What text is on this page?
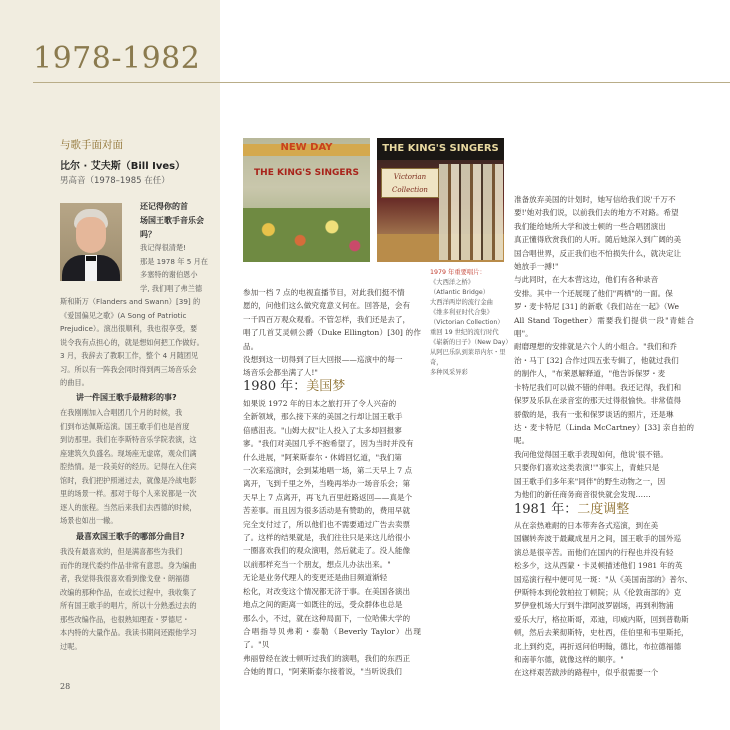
1978-1982
与歌手面对面
比尔 · 艾夫斯（Bill Ives）
男高音（1978–1985 在任）
还记得你的首
场国王歌手音乐会
吗？
我记得很清楚!
那是 1978 年 5 月在
多塞特的谢伯恩小
学, 我们唱了弗兰德
斯和斯万（Flanders and Swann）[39] 的
《爱国偏见之歌》(A Song of Patriotic
Prejudice）。演出很顺利，我也很享受，要
说令我有点担心的，就是想如何把工作做好。
3 月，我辞去了教职工作，整个 4 月随团见
习。所以有一阵我会同时得到两三场音乐会
的曲目。
讲一件国王歌手最精彩的事?
在我刚刚加入合唱团几个月的时候，我
们到布达佩斯巡演。国王歌手们也是首度
到访那里。我们在李斯特音乐学院表演，这
座建筑久负盛名。现场座无虚席，观众们满
腔热情。是一段美好的经历。记得在入住宾
馆时，我们把护照递过去，就像是冷战电影
里的场景一样。那对于每个人来说都是一次
逐人的旅程。当然后来我们去西德的时候，
场景也如出一辙。
最喜欢国王歌手的哪部分曲目?
我没有最喜欢的，但是满喜都些为我们
而作的现代委约作品非常有意思。身为编曲
者，我觉得我很喜欢看到像戈登・朗福德
改编的那种作品，在或长过程中，我收集了
所有国王歌手的唱片，所以十分熟悉过去的
那些改编作品，也很熟知理查・罗德尼・
本内特的大量作品。我读书期间还跟他学习
过呢。
NEW DAY
THE KING'S SINGERS
THE KING'S SINGERS
Victorian Collection
1979 年重要唱片：
《大西洋之桥》
（Atlantic Bridge）
大西洋两岸的流行金曲
《维多利亚时代合集》
（Victorian Collection）
重回 19 世纪的流行时代
《崭新的日子》（New Day）
从阿巴乐队到莱昂内尔・里奇，
多种风采异彩
参加一档 7 点的电视直播节目，对此我们挺不情
愿的，问他们这么做究竟意义何在。回答是，会有
一千四百万观众观看。不管怎样，我们还是去了，
唱了几首艾灵顿公爵（Duke Ellington）[30] 的作品。
没想到这一切得到了巨大回报——巡演中的每一
场音乐会都坐满了人!"
1980 年：美国梦
如果说 1972 年的日本之旅打开了令人兴奋的
全新领域，那么接下来的美国之行却让国王歌手
倍感沮丧。"山姆大叔"让人投入了太多却回报寥
寥。"我们对美国几乎不抱希望了，因为当时并没有
什么进展，"阿莱斯泰尔・休姆回忆道，"我们第
一次来巡演时，会到某地唱一场，第二天早上 7 点
离开，飞到千里之外，当晚再举办一场音乐会；第
天早上 7 点离开，再飞九百里赶路返回——真是个
苦差事。而且因为很多活动是有赞助的，费用早就
完全支付过了，所以他们也不需要通过广告去卖票
了。这样的结果就是，我们往往只是来这儿给很小
一圈喜欢我们的观众演唱，然后就走了。没人能像
以前那样充当一个朋友，想点儿办法出来。"
无论是业务代理人的变更还是曲目频道渐轻
松化，对改变这个情况都无济于事。在美国各演出
地点之间的距离一如既往的远，受众群体也总是
那么小，不过，就在这种局面下，一位哈佛大学的
合唱指导贝弗莉・泰勒（Beverly Taylor）出现了。"贝
弗丽曾经在波士顿听过我们的演唱，我们的东西正
合她的胃口，"阿莱斯泰尔接着说，"当听说我们
准备放弃美国的计划时，她写信给我们说'千万不
要!'她对我们说，以前我们去的地方不对路。希望
我们能给她所大学和波士顿的一些合唱团演出
真正懂得欣赏我们的人听。随后她深入到广阔的美
国合唱世界，反正我们也不怕损失什么，就决定让
她放手一搏!"
与此同时，在大本营这边，他们有各种录音
安排。其中一个还展现了他们"两栖"的一面。保
罗・麦卡特尼 [31] 的新歌《我们站在一起》（We
All Stand Together）需要我们提供一段"青蛙合唱"。
耐磨理想的安排就是六个人的小组合。"我们和乔
治・马丁 [32] 合作过四五张专辑了，他就过我们
的制作人，"布莱恩解释道，"他告诉保罗・麦
卡特尼我们可以做不错的伴唱。我还记得，我们和
保罗及乐队在录音室的那天过得很愉快。非常值得
骄傲的是，我有一张和保罗谈话的照片，还是琳
达・麦卡特尼（Linda McCartney）[33] 亲自拍的呢。
我问他觉得国王歌手表现如何，他说'很不错。
只要你们喜欢这类表演!'"事实上，青蛙只是
国王歌手们多年来"同伴"的野生动物之一，因
为他们的新任商务商音很快就会发现……
1981 年：二度调整
从在亲热难耐的日本带奔各式巡演，到在美
国辗转奔波于最藏成星月之间，国王歌手的国外巡
演总是很辛苦。而他们在国内的行程也并没有轻
松多少，这从西蒙・卡灵顿描述他们 1981 年的英
国巡演行程中便可见一斑："从《美国南部的》普尔、
伊斯特本到伦敦柏拉丁顿院；从《伦敦南部的》克
罗伊登机场大厅到牛津阿波罗剧场，再到利物浦
爱乐大厅，格拉斯哥，邓迪，印威内斯，回到普勒斯
顿，然后去莱彻斯特，史杜西，佳伯里和韦里斯托，
北上到约克，再折返问伯明翰，德比，布拉德福德
和南菲尔德，就像这样的顺序。"
在这样艰苦跋涉的路程中，似乎很需要一个
28
